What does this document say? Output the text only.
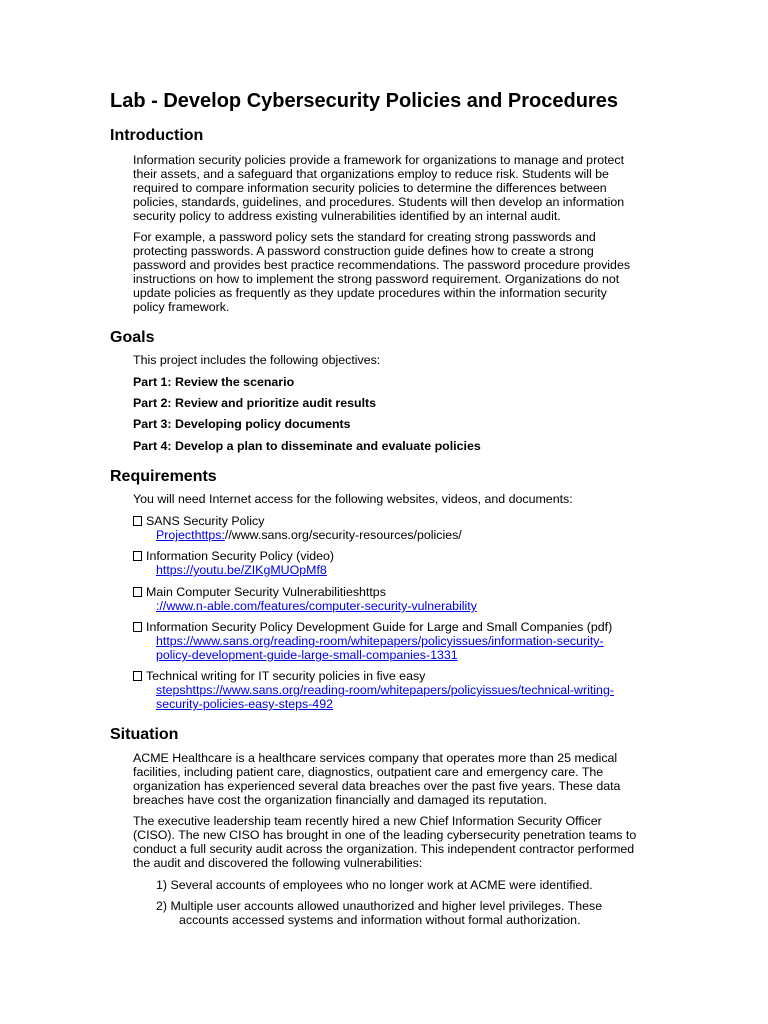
Lab - Develop Cybersecurity Policies and Procedures
Introduction
Information security policies provide a framework for organizations to manage and protect
their assets, and a safeguard that organizations employ to reduce risk. Students will be
required to compare information security policies to determine the differences between
policies, standards, guidelines, and procedures. Students will then develop an information
security policy to address existing vulnerabilities identified by an internal audit.
For example, a password policy sets the standard for creating strong passwords and
protecting passwords. A password construction guide defines how to create a strong
password and provides best practice recommendations. The password procedure provides
instructions on how to implement the strong password requirement. Organizations do not
update policies as frequently as they update procedures within the information security
policy framework.
Goals

This project includes the following objectives:

Part 1: Review the scenario

Part 2: Review and prioritize audit results

Part 3: Developing policy documents

Part 4: Develop a plan to disseminate and evaluate policies

Requirements

You will need Internet access for the following websites, videos, and documents:

SANS Security Policy
Projecthttps://www.sans.org/security-resources/policies/
Information Security Policy (video)
https://youtu.be/ZIKgMUOpMf8
Main Computer Security Vulnerabilitieshttps
://www.n-able.com/features/computer-security-vulnerability
Information Security Policy Development Guide for Large and Small Companies (pdf)
https://www.sans.org/reading-room/whitepapers/policyissues/information-security-
policy-development-guide-large-small-companies-1331
Technical writing for IT security policies in five easy
stepshttps://www.sans.org/reading-room/whitepapers/policyissues/technical-writing-
security-policies-easy-steps-492
Situation
ACME Healthcare is a healthcare services company that operates more than 25 medical
facilities, including patient care, diagnostics, outpatient care and emergency care. The
organization has experienced several data breaches over the past five years. These data
breaches have cost the organization financially and damaged its reputation.
The executive leadership team recently hired a new Chief Information Security Officer
(CISO). The new CISO has brought in one of the leading cybersecurity penetration teams to
conduct a full security audit across the organization. This independent contractor performed
the audit and discovered the following vulnerabilities:
1) Several accounts of employees who no longer work at ACME were identified.
2) Multiple user accounts allowed unauthorized and higher level privileges. These
accounts accessed systems and information without formal authorization.
